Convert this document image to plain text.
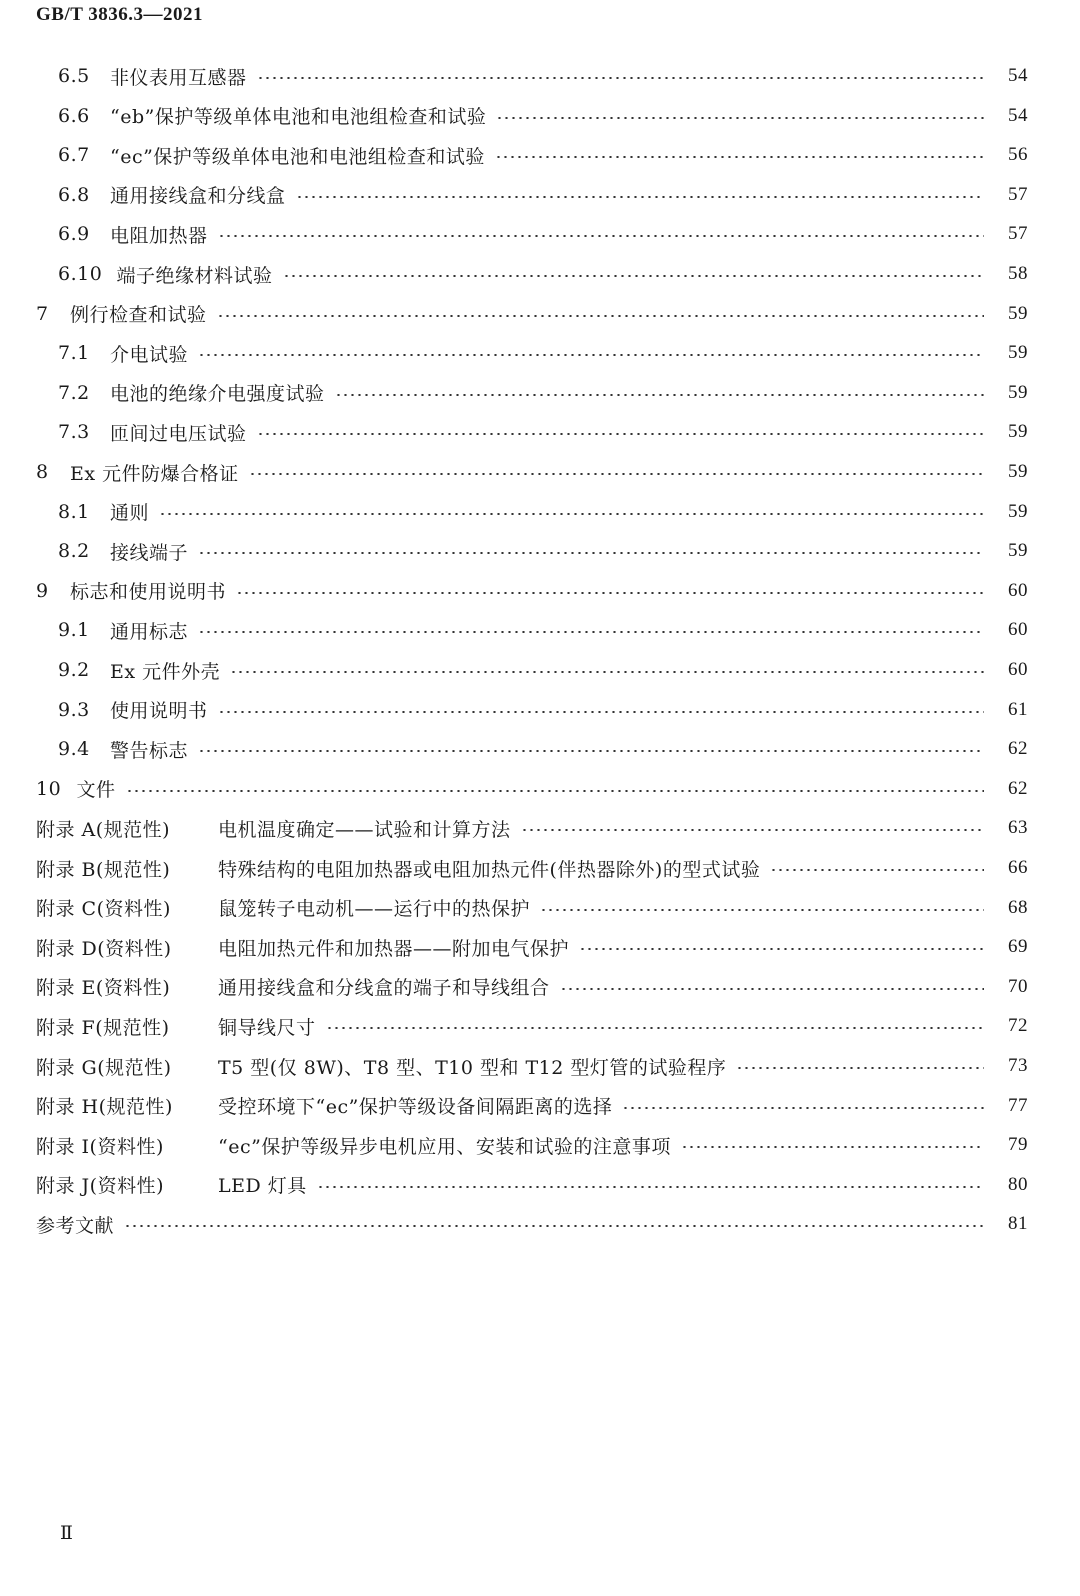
GB/T 3836.3—2021
6.5	非仪表用互感器	54
6.6	“eb”保护等级单体电池和电池组检查和试验	54
6.7	“ec”保护等级单体电池和电池组检查和试验	56
6.8	通用接线盒和分线盒	57
6.9	电阻加热器	57
6.10 端子绝缘材料试验	58
7	例行检查和试验	59
7.1	介电试验	59
7.2	电池的绝缘介电强度试验	59
7.3	匝间过电压试验	59
8	Ex 元件防爆合格证	59
8.1	通则	59
8.2	接线端子	59
9	标志和使用说明书	60
9.1	通用标志	60
9.2	Ex 元件外壳	60
9.3	使用说明书	61
9.4	警告标志	62
10 文件	62
附录 A(规范性)	电机温度确定——试验和计算方法	63
附录 B(规范性)	特殊结构的电阻加热器或电阻加热元件(伴热器除外)的型式试验	66
附录 C(资料性)	鼠笼转子电动机——运行中的热保护	68
附录 D(资料性)	电阻加热元件和加热器——附加电气保护	69
附录 E(资料性)	通用接线盒和分线盒的端子和导线组合	70
附录 F(规范性)	铜导线尺寸	72
附录 G(规范性)	T5 型(仅 8W)、T8 型、T10 型和 T12 型灯管的试验程序	73
附录 H(规范性)	受控环境下“ec”保护等级设备间隔距离的选择	77
附录 I(资料性)	“ec”保护等级异步电机应用、安装和试验的注意事项	79
附录 J(资料性)	LED 灯具	80
参考文献	81
Ⅱ
